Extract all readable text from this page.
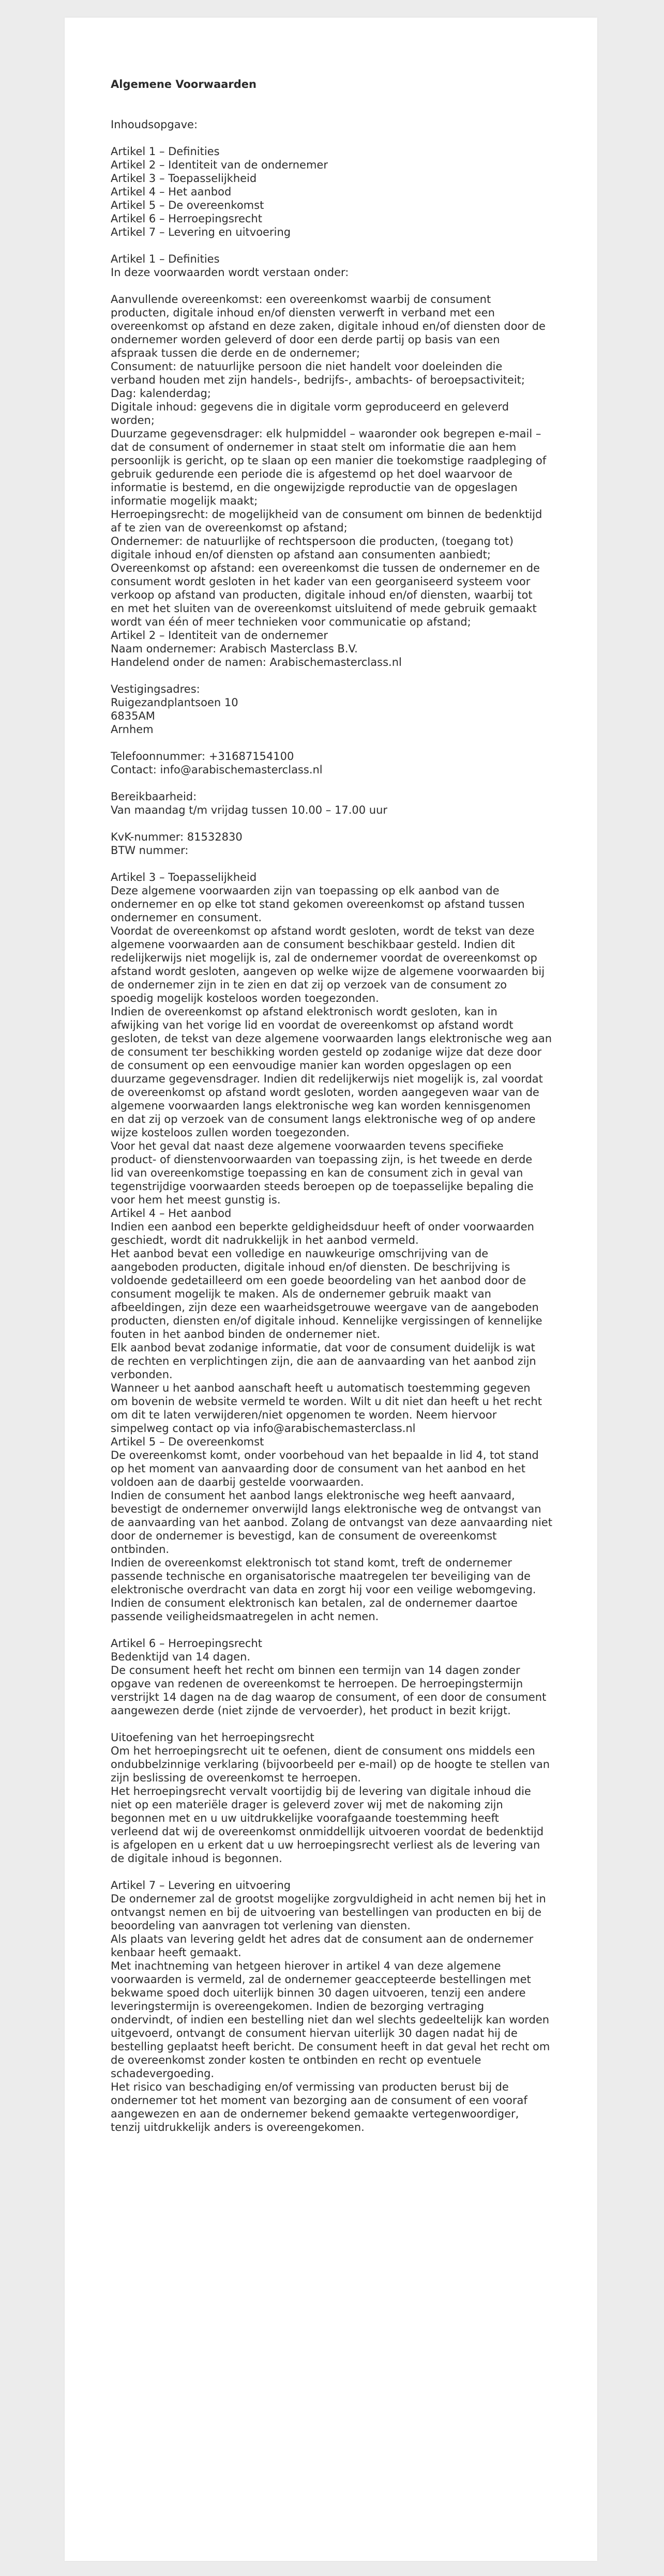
Algemene Voorwaarden

Inhoudsopgave:
Artikel 1 – Definities
Artikel 2 – Identiteit van de ondernemer
Artikel 3 – Toepasselijkheid
Artikel 4 – Het aanbod
Artikel 5 – De overeenkomst
Artikel 6 – Herroepingsrecht
Artikel 7 – Levering en uitvoering
Artikel 1 – Definities
In deze voorwaarden wordt verstaan onder:
Aanvullende overeenkomst: een overeenkomst waarbij de consument
producten, digitale inhoud en/of diensten verwerft in verband met een
overeenkomst op afstand en deze zaken, digitale inhoud en/of diensten door de
ondernemer worden geleverd of door een derde partij op basis van een
afspraak tussen die derde en de ondernemer;
Consument: de natuurlijke persoon die niet handelt voor doeleinden die
verband houden met zijn handels-, bedrijfs-, ambachts- of beroepsactiviteit;
Dag: kalenderdag;
Digitale inhoud: gegevens die in digitale vorm geproduceerd en geleverd
worden;
Duurzame gegevensdrager: elk hulpmiddel – waaronder ook begrepen e-mail –
dat de consument of ondernemer in staat stelt om informatie die aan hem
persoonlijk is gericht, op te slaan op een manier die toekomstige raadpleging of
gebruik gedurende een periode die is afgestemd op het doel waarvoor de
informatie is bestemd, en die ongewijzigde reproductie van de opgeslagen
informatie mogelijk maakt;
Herroepingsrecht: de mogelijkheid van de consument om binnen de bedenktijd
af te zien van de overeenkomst op afstand;
Ondernemer: de natuurlijke of rechtspersoon die producten, (toegang tot)
digitale inhoud en/of diensten op afstand aan consumenten aanbiedt;
Overeenkomst op afstand: een overeenkomst die tussen de ondernemer en de
consument wordt gesloten in het kader van een georganiseerd systeem voor
verkoop op afstand van producten, digitale inhoud en/of diensten, waarbij tot
en met het sluiten van de overeenkomst uitsluitend of mede gebruik gemaakt
wordt van één of meer technieken voor communicatie op afstand;
Artikel 2 – Identiteit van de ondernemer
Naam ondernemer: Arabisch Masterclass B.V.
Handelend onder de namen: Arabischemasterclass.nl
Vestigingsadres:
Ruigezandplantsoen 10
6835AM
Arnhem
Telefoonnummer: +31687154100
Contact: info@arabischemasterclass.nl
Bereikbaarheid:
Van maandag t/m vrijdag tussen 10.00 – 17.00 uur
KvK-nummer: 81532830
BTW nummer:
Artikel 3 – Toepasselijkheid
Deze algemene voorwaarden zijn van toepassing op elk aanbod van de
ondernemer en op elke tot stand gekomen overeenkomst op afstand tussen
ondernemer en consument.
Voordat de overeenkomst op afstand wordt gesloten, wordt de tekst van deze
algemene voorwaarden aan de consument beschikbaar gesteld. Indien dit
redelijkerwijs niet mogelijk is, zal de ondernemer voordat de overeenkomst op
afstand wordt gesloten, aangeven op welke wijze de algemene voorwaarden bij
de ondernemer zijn in te zien en dat zij op verzoek van de consument zo
spoedig mogelijk kosteloos worden toegezonden.
Indien de overeenkomst op afstand elektronisch wordt gesloten, kan in
afwijking van het vorige lid en voordat de overeenkomst op afstand wordt
gesloten, de tekst van deze algemene voorwaarden langs elektronische weg aan
de consument ter beschikking worden gesteld op zodanige wijze dat deze door
de consument op een eenvoudige manier kan worden opgeslagen op een
duurzame gegevensdrager. Indien dit redelijkerwijs niet mogelijk is, zal voordat
de overeenkomst op afstand wordt gesloten, worden aangegeven waar van de
algemene voorwaarden langs elektronische weg kan worden kennisgenomen
en dat zij op verzoek van de consument langs elektronische weg of op andere
wijze kosteloos zullen worden toegezonden.
Voor het geval dat naast deze algemene voorwaarden tevens specifieke
product- of dienstenvoorwaarden van toepassing zijn, is het tweede en derde
lid van overeenkomstige toepassing en kan de consument zich in geval van
tegenstrijdige voorwaarden steeds beroepen op de toepasselijke bepaling die
voor hem het meest gunstig is.
Artikel 4 – Het aanbod
Indien een aanbod een beperkte geldigheidsduur heeft of onder voorwaarden
geschiedt, wordt dit nadrukkelijk in het aanbod vermeld.
Het aanbod bevat een volledige en nauwkeurige omschrijving van de
aangeboden producten, digitale inhoud en/of diensten. De beschrijving is
voldoende gedetailleerd om een goede beoordeling van het aanbod door de
consument mogelijk te maken. Als de ondernemer gebruik maakt van
afbeeldingen, zijn deze een waarheidsgetrouwe weergave van de aangeboden
producten, diensten en/of digitale inhoud. Kennelijke vergissingen of kennelijke
fouten in het aanbod binden de ondernemer niet.
Elk aanbod bevat zodanige informatie, dat voor de consument duidelijk is wat
de rechten en verplichtingen zijn, die aan de aanvaarding van het aanbod zijn
verbonden.
Wanneer u het aanbod aanschaft heeft u automatisch toestemming gegeven
om bovenin de website vermeld te worden. Wilt u dit niet dan heeft u het recht
om dit te laten verwijderen/niet opgenomen te worden. Neem hiervoor
simpelweg contact op via info@arabischemasterclass.nl
Artikel 5 – De overeenkomst
De overeenkomst komt, onder voorbehoud van het bepaalde in lid 4, tot stand
op het moment van aanvaarding door de consument van het aanbod en het
voldoen aan de daarbij gestelde voorwaarden.
Indien de consument het aanbod langs elektronische weg heeft aanvaard,
bevestigt de ondernemer onverwijld langs elektronische weg de ontvangst van
de aanvaarding van het aanbod. Zolang de ontvangst van deze aanvaarding niet
door de ondernemer is bevestigd, kan de consument de overeenkomst
ontbinden.
Indien de overeenkomst elektronisch tot stand komt, treft de ondernemer
passende technische en organisatorische maatregelen ter beveiliging van de
elektronische overdracht van data en zorgt hij voor een veilige webomgeving.
Indien de consument elektronisch kan betalen, zal de ondernemer daartoe
passende veiligheidsmaatregelen in acht nemen.
Artikel 6 – Herroepingsrecht
Bedenktijd van 14 dagen.
De consument heeft het recht om binnen een termijn van 14 dagen zonder
opgave van redenen de overeenkomst te herroepen. De herroepingstermijn
verstrijkt 14 dagen na de dag waarop de consument, of een door de consument
aangewezen derde (niet zijnde de vervoerder), het product in bezit krijgt.
Uitoefening van het herroepingsrecht
Om het herroepingsrecht uit te oefenen, dient de consument ons middels een
ondubbelzinnige verklaring (bijvoorbeeld per e-mail) op de hoogte te stellen van
zijn beslissing de overeenkomst te herroepen.
Het herroepingsrecht vervalt voortijdig bij de levering van digitale inhoud die
niet op een materiële drager is geleverd zover wij met de nakoming zijn
begonnen met en u uw uitdrukkelijke voorafgaande toestemming heeft
verleend dat wij de overeenkomst onmiddellijk uitvoeren voordat de bedenktijd
is afgelopen en u erkent dat u uw herroepingsrecht verliest als de levering van
de digitale inhoud is begonnen.
Artikel 7 – Levering en uitvoering
De ondernemer zal de grootst mogelijke zorgvuldigheid in acht nemen bij het in
ontvangst nemen en bij de uitvoering van bestellingen van producten en bij de
beoordeling van aanvragen tot verlening van diensten.
Als plaats van levering geldt het adres dat de consument aan de ondernemer
kenbaar heeft gemaakt.
Met inachtneming van hetgeen hierover in artikel 4 van deze algemene
voorwaarden is vermeld, zal de ondernemer geaccepteerde bestellingen met
bekwame spoed doch uiterlijk binnen 30 dagen uitvoeren, tenzij een andere
leveringstermijn is overeengekomen. Indien de bezorging vertraging
ondervindt, of indien een bestelling niet dan wel slechts gedeeltelijk kan worden
uitgevoerd, ontvangt de consument hiervan uiterlijk 30 dagen nadat hij de
bestelling geplaatst heeft bericht. De consument heeft in dat geval het recht om
de overeenkomst zonder kosten te ontbinden en recht op eventuele
schadevergoeding.
Het risico van beschadiging en/of vermissing van producten berust bij de
ondernemer tot het moment van bezorging aan de consument of een vooraf
aangewezen en aan de ondernemer bekend gemaakte vertegenwoordiger,
tenzij uitdrukkelijk anders is overeengekomen.
